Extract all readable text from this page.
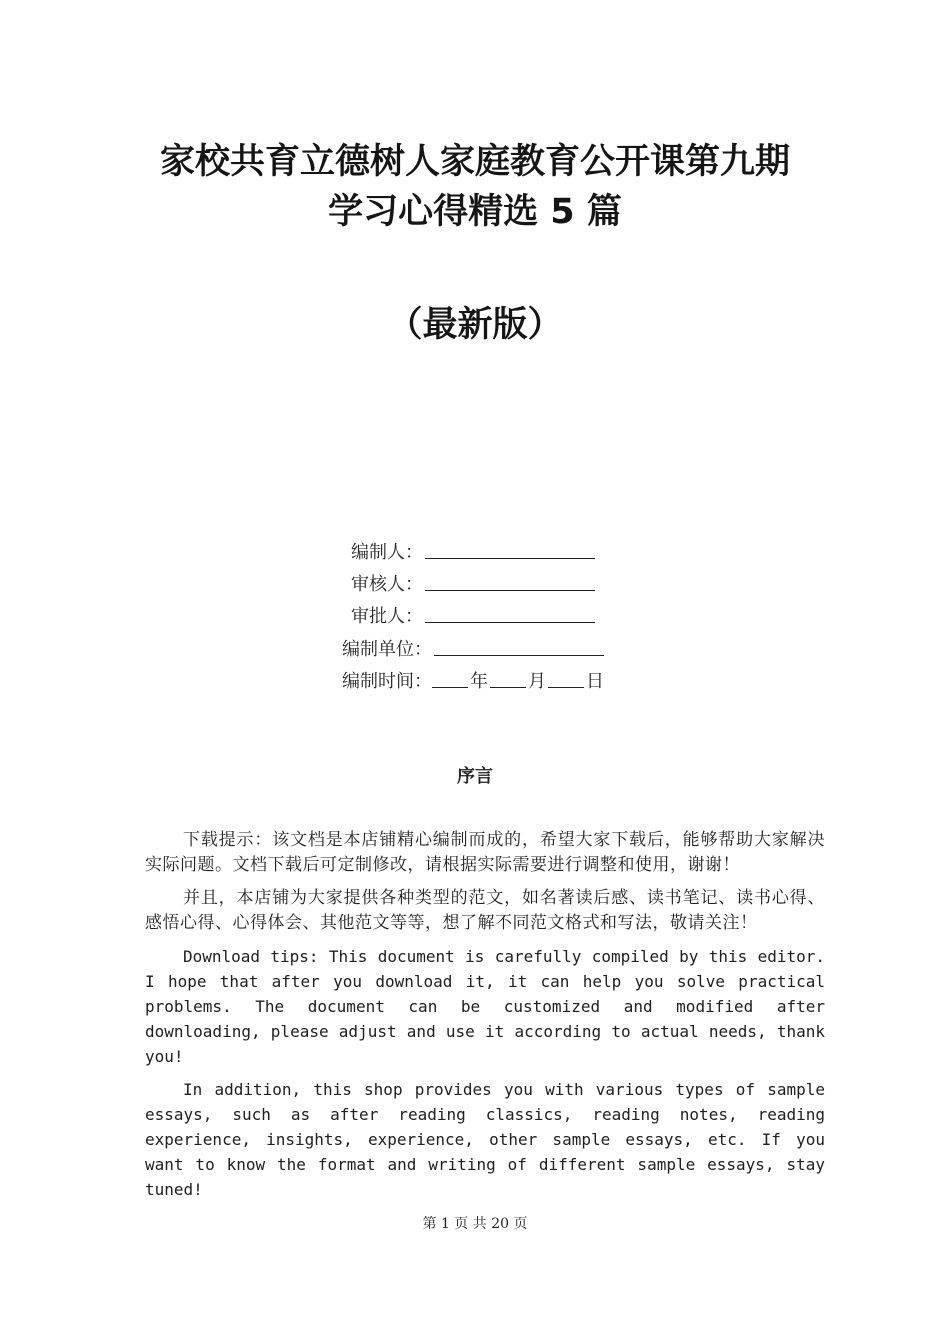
家校共育立德树人家庭教育公开课第九期
学习心得精选 5 篇
（最新版）
编制人：
审核人：
审批人：
编制单位：
编制时间： 年 月 日
序言

下载提示：该文档是本店铺精心编制而成的，希望大家下载后，能够帮助大家解决实际问题。文档下载后可定制修改，请根据实际需要进行调整和使用，谢谢！

并且，本店铺为大家提供各种类型的范文，如名著读后感、读书笔记、读书心得、感悟心得、心得体会、其他范文等等，想了解不同范文格式和写法，敬请关注！

Download tips: This document is carefully compiled by this editor. I hope that after you download it, it can help you solve practical problems. The document can be customized and modified after downloading, please adjust and use it according to actual needs, thank you!

In addition, this shop provides you with various types of sample essays, such as after reading classics, reading notes, reading experience, insights, experience, other sample essays, etc. If you want to know the format and writing of different sample essays, stay tuned!

第 1 页 共 20 页
